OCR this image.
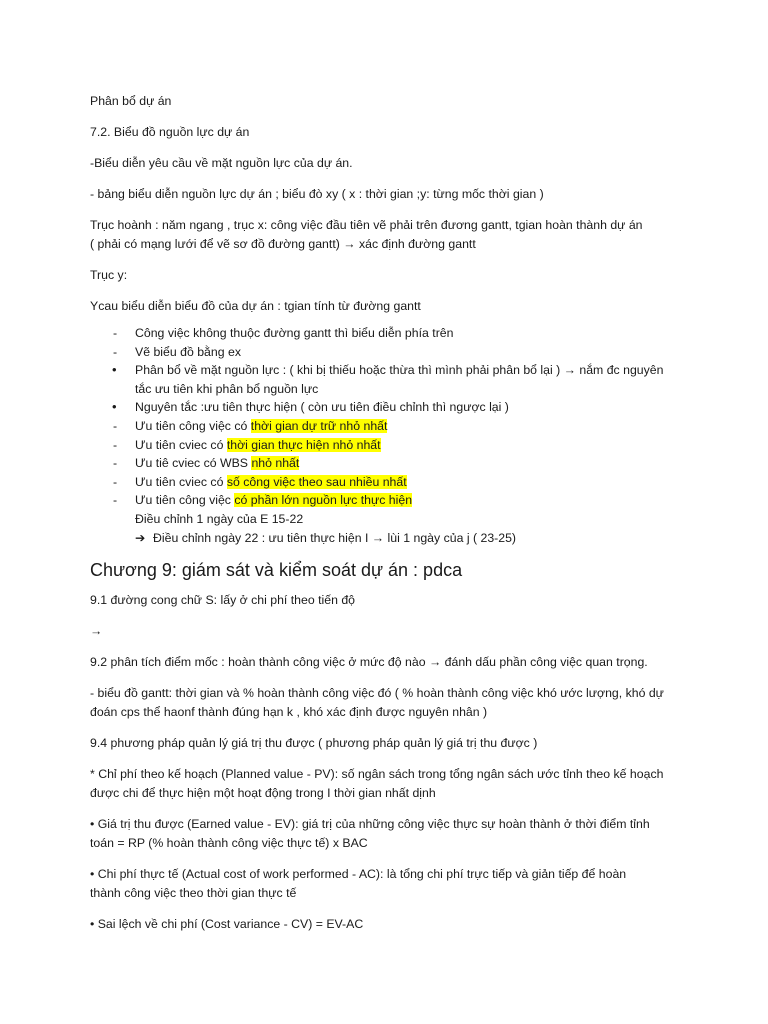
Phân bổ dự án

7.2. Biểu đồ nguồn lực dự án

-Biểu diễn yêu cầu về mặt nguồn lực của dự án.

- bảng biểu diễn nguồn lực dự án ; biểu đò xy ( x : thời gian ;y: từng mốc thời gian )

Trục hoành : năm ngang , trục x: công việc đầu tiên vẽ phải trên đương gantt, tgian hoàn thành dự án

( phải có mạng lưới để vẽ sơ đồ đường gantt) → xác định đường gantt

Trục y:

Ycau biểu diễn biểu đồ của dự án : tgian tính từ đường gantt

-	Công việc không thuộc đường gantt thì biểu diễn phía trên
-	Vẽ biểu đồ bằng ex
•	Phân bổ về mặt nguồn lực : ( khi bị thiếu hoặc thừa thì mình phải phân bổ lại ) → nắm đc nguyên
tắc ưu tiên khi phân bổ nguồn lực
•	Nguyên tắc :ưu tiên thực hiện ( còn ưu tiên điều chỉnh thì ngược lại )
-	Ưu tiên công việc có thời gian dự trữ nhỏ nhất
-	Ưu tiên cviec có thời gian thực hiện nhỏ nhất
-	Ưu tiê cviec có WBS nhỏ nhất
-	Ưu tiên cviec có số công việc theo sau nhiều nhất
-	Ưu tiên công việc có phần lớn nguồn lực thực hiện
Điều chỉnh 1 ngày của E 15-22
➔ Điều chỉnh ngày 22 : ưu tiên thực hiện I → lùi 1 ngày của j ( 23-25)
Chương 9: giám sát và kiểm soát dự án : pdca

9.1 đường cong chữ S: lấy ở chi phí theo tiến độ

→

9.2 phân tích điểm mốc : hoàn thành công việc ở mức độ nào → đánh dấu phần công việc quan trọng.

- biểu đồ gantt: thời gian và % hoàn thành công việc đó ( % hoàn thành công việc khó ước lượng, khó dự

đoán cps thể haonf thành đúng hạn k , khó xác định được nguyên nhân )

9.4 phương pháp quản lý giá trị thu được ( phương pháp quản lý giá trị thu được )

* Chỉ phí theo kế hoạch (Planned value - PV): số ngân sách trong tổng ngân sách ước tỉnh theo kế hoạch

được chi để thực hiện một hoạt động trong I thời gian nhất dịnh

• Giá trị thu được (Earned value - EV): giá trị của những công việc thực sự hoàn thành ở thời điểm tỉnh

toán = RP (% hoàn thành công việc thực tế) x BAC

• Chi phí thực tế (Actual cost of work performed - AC): là tổng chi phí trực tiếp và giản tiếp để hoàn

thành công việc theo thời gian thực tế

• Sai lệch về chi phí (Cost variance - CV) = EV-AC
